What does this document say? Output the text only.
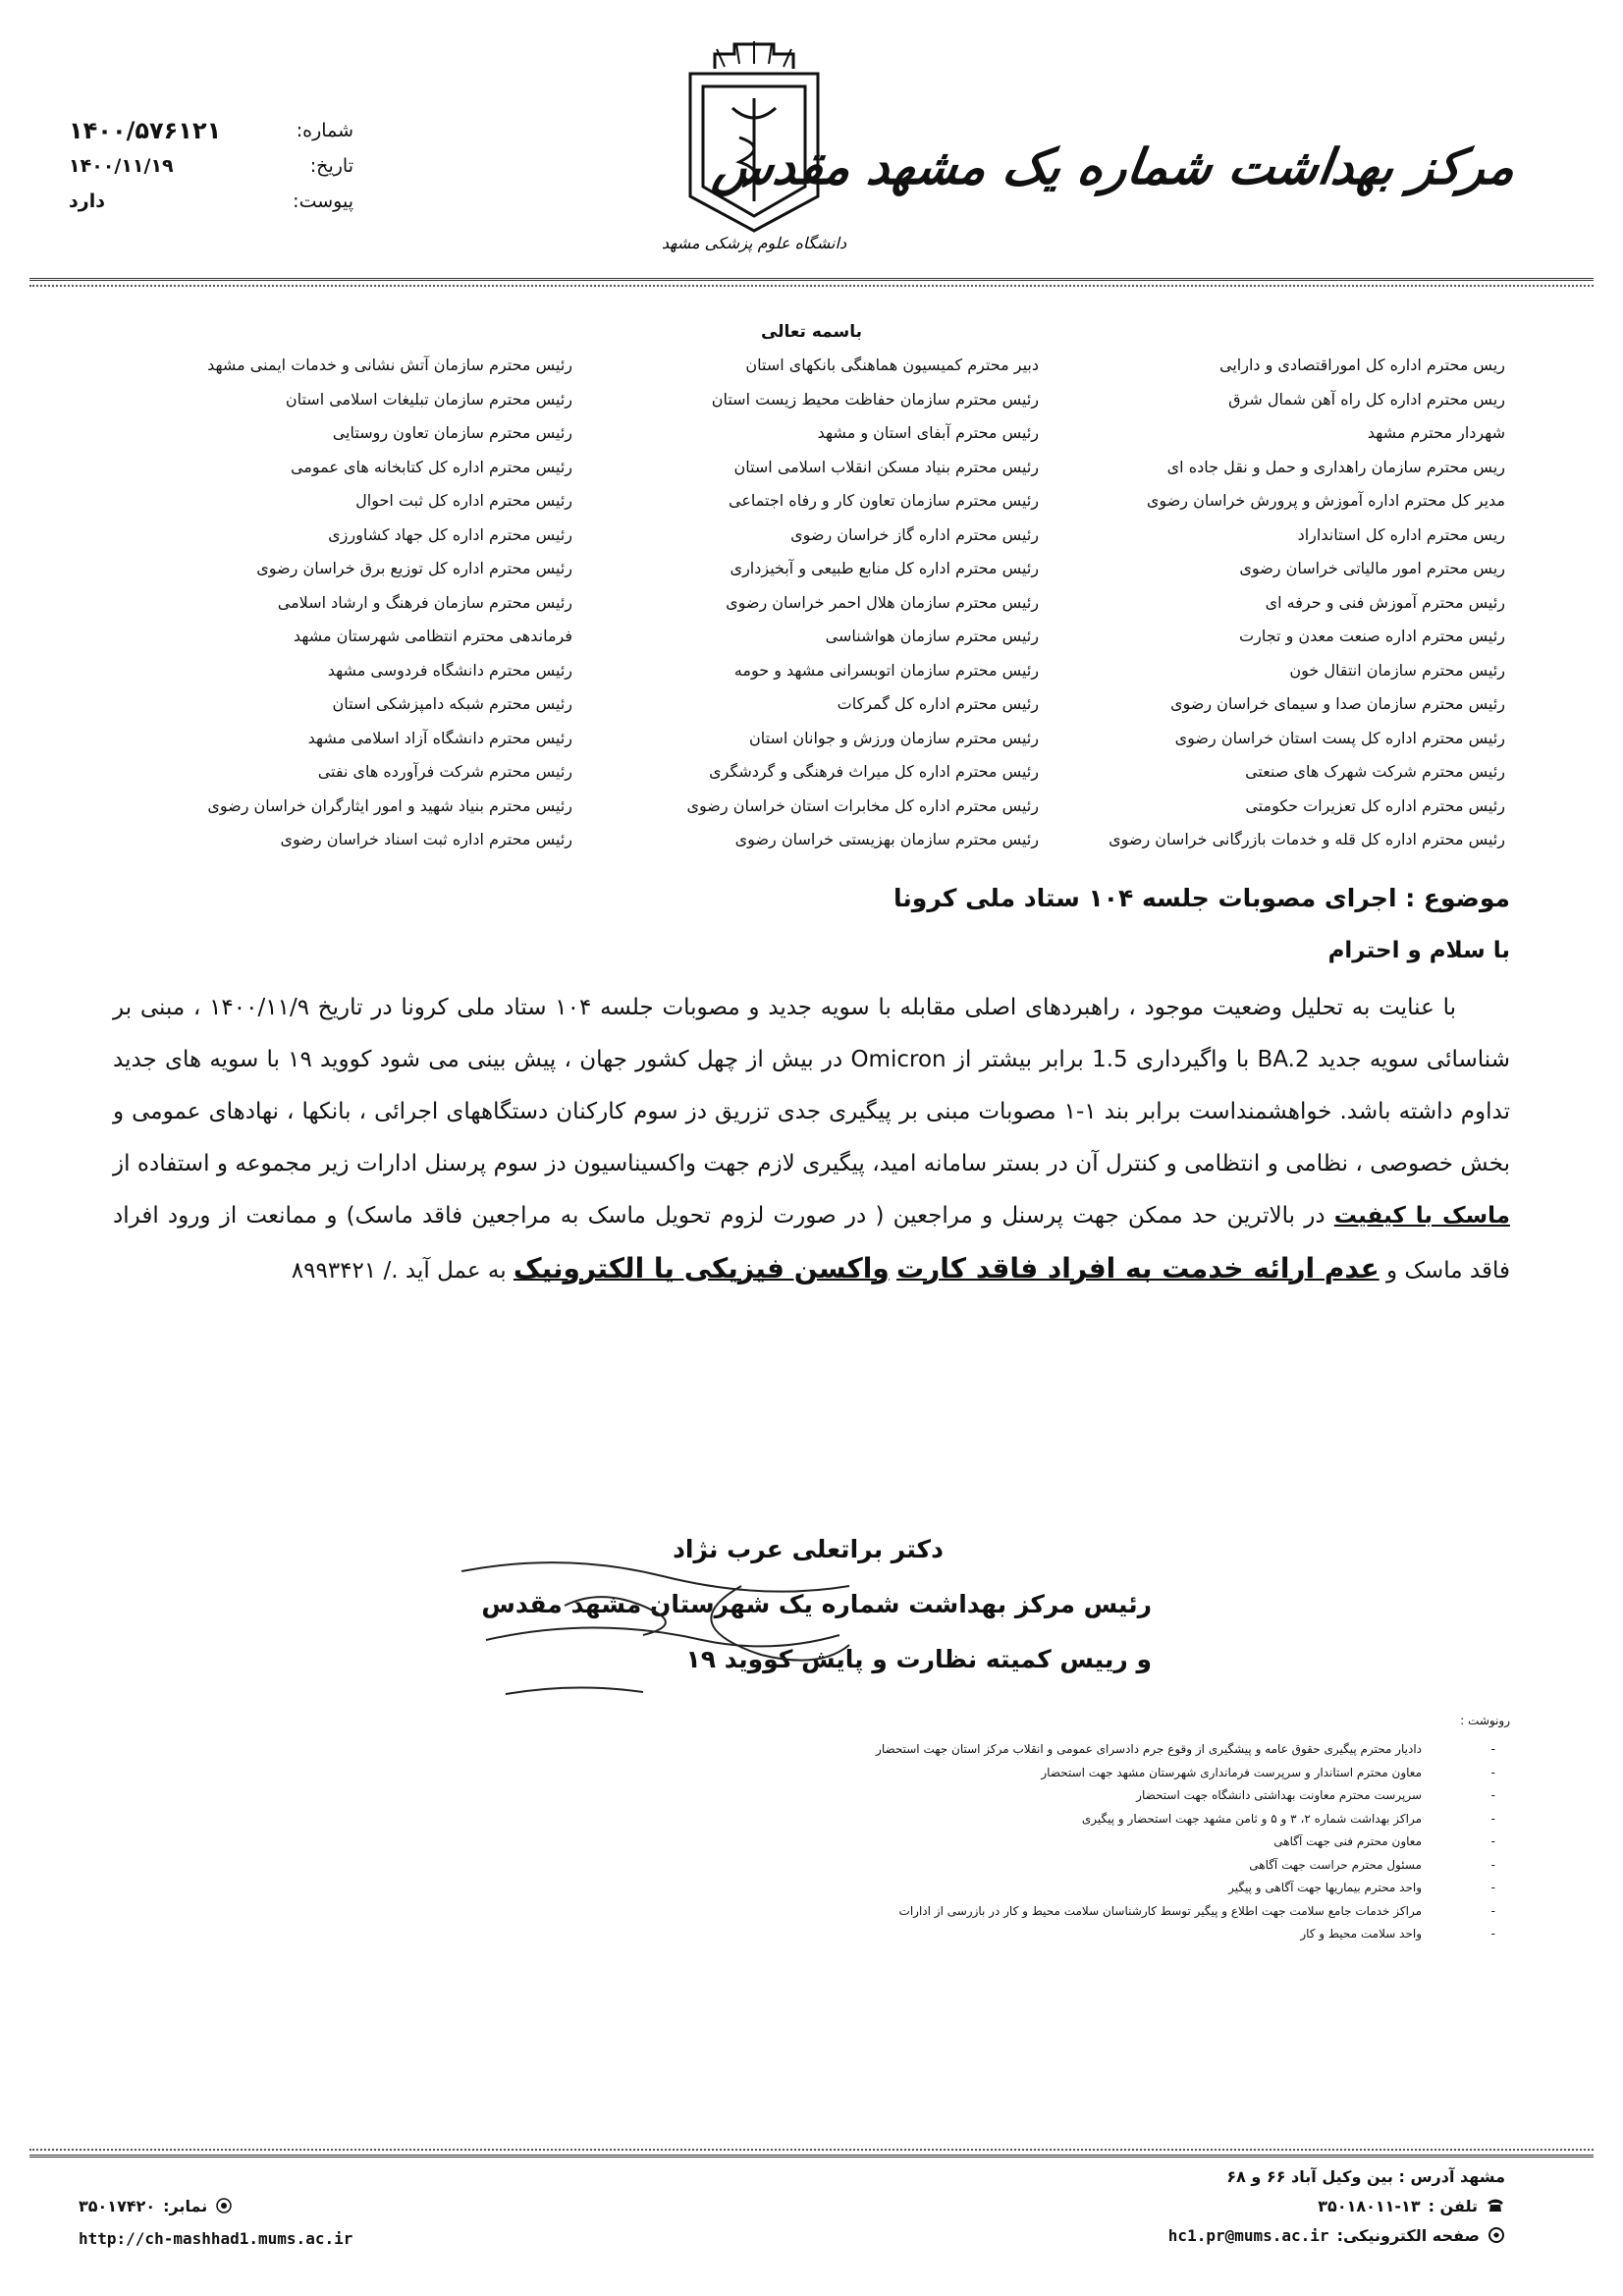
مرکز بهداشت شماره یک مشهد مقدس
دانشگاه علوم پزشکی مشهد
شماره:
۱۴۰۰/۵۷۶۱۲۱
تاریخ:
۱۴۰۰/۱۱/۱۹
پیوست:
دارد
باسمه تعالی
ریس محترم اداره کل اموراقتصادی و دارایی
ریس محترم اداره کل راه آهن شمال شرق
شهردار محترم مشهد
ریس محترم سازمان راهداری و حمل و نقل جاده ای
مدیر کل محترم اداره آموزش و پرورش خراسان رضوی
ریس محترم اداره کل استانداراد
ریس محترم امور مالیاتی خراسان رضوی
رئیس محترم آموزش فنی و حرفه ای
رئیس محترم اداره صنعت معدن و تجارت
رئیس محترم سازمان انتقال خون
رئیس محترم سازمان صدا و سیمای خراسان رضوی
رئیس محترم اداره کل پست استان خراسان رضوی
رئیس محترم شرکت شهرک های صنعتی
رئیس محترم اداره کل تعزیرات حکومتی
رئیس محترم اداره کل قله و خدمات بازرگانی خراسان رضوی
دبیر محترم کمیسیون هماهنگی بانکهای استان
رئیس محترم سازمان حفاظت محیط زیست استان
رئیس محترم آبفای استان و مشهد
رئیس محترم بنیاد مسکن انقلاب اسلامی استان
رئیس محترم سازمان تعاون کار و رفاه اجتماعی
رئیس محترم اداره گاز خراسان رضوی
رئیس محترم اداره کل منابع طبیعی و آبخیزداری
رئیس محترم سازمان هلال احمر خراسان رضوی
رئیس محترم سازمان هواشناسی
رئیس محترم سازمان اتوبسرانی مشهد و حومه
رئیس محترم اداره کل گمرکات
رئیس محترم سازمان ورزش و جوانان استان
رئیس محترم اداره کل میراث فرهنگی و گردشگری
رئیس محترم اداره کل مخابرات استان خراسان رضوی
رئیس محترم سازمان بهزیستی خراسان رضوی
رئیس محترم سازمان آتش نشانی و خدمات ایمنی مشهد
رئیس محترم سازمان تبلیغات اسلامی استان
رئیس محترم سازمان تعاون روستایی
رئیس محترم اداره کل کتابخانه های عمومی
رئیس محترم اداره کل ثبت احوال
رئیس محترم اداره کل جهاد کشاورزی
رئیس محترم اداره کل توزیع برق خراسان رضوی
رئیس محترم سازمان فرهنگ و ارشاد اسلامی
فرماندهی محترم انتظامی شهرستان مشهد
رئیس محترم دانشگاه فردوسی مشهد
رئیس محترم شبکه دامپزشکی استان
رئیس محترم دانشگاه آزاد اسلامی مشهد
رئیس محترم شرکت فرآورده های نفتی
رئیس محترم بنیاد شهید و امور ایثارگران خراسان رضوی
رئیس محترم اداره ثبت اسناد خراسان رضوی
موضوع : اجرای مصوبات جلسه ۱۰۴ ستاد ملی کرونا
با سلام و احترام

با عنایت به تحلیل وضعیت موجود ، راهبردهای اصلی مقابله با سویه جدید و مصوبات جلسه ۱۰۴ ستاد ملی کرونا در تاریخ ۱۴۰۰/۱۱/۹ ، مبنی بر شناسائی سویه جدید BA.2 با واگیرداری 1.5 برابر بیشتر از Omicron در بیش از چهل کشور جهان ، پیش بینی می شود کووید ۱۹ با سویه های جدید تداوم داشته باشد. خواهشمنداست برابر بند ۱-۱ مصوبات مبنی بر پیگیری جدی تزریق دز سوم کارکنان دستگاههای اجرائی ، بانکها ، نهادهای عمومی و بخش خصوصی ، نظامی و انتظامی و کنترل آن در بستر سامانه امید، پیگیری لازم جهت واکسیناسیون دز سوم پرسنل ادارات زیر مجموعه و استفاده از ماسک با کیفیت در بالاترین حد ممکن جهت پرسنل و مراجعین ( در صورت لزوم تحویل ماسک به مراجعین فاقد ماسک) و ممانعت از ورود افراد فاقد ماسک و عدم ارائه خدمت به افراد فاقد کارت واکسن فیزیکی یا الکترونیک به عمل آید ./ ۸۹۹۳۴۲۱

دکتر براتعلی عرب نژاد
رئیس مرکز بهداشت شماره یک شهرستان مشهد مقدس
و رییس کمیته نظارت و پایش کووید ۱۹
رونوشت :
دادیار محترم پیگیری حقوق عامه و پیشگیری از وقوع جرم دادسرای عمومی و انقلاب مرکز استان جهت استحضار -
معاون محترم استاندار و سرپرست فرمانداری شهرستان مشهد جهت استحضار -
سرپرست محترم معاونت بهداشتی دانشگاه جهت استحضار -
مراکز بهداشت شماره ۲، ۳ و ۵ و ثامن مشهد جهت استحضار و پیگیری -
معاون محترم فنی جهت آگاهی -
مسئول محترم حراست جهت آگاهی -
واحد محترم بیماریها جهت آگاهی و پیگیر -
مراکز خدمات جامع سلامت جهت اطلاع و پیگیر توسط کارشناسان سلامت محیط و کار در بازرسی از ادارات -
واحد سلامت محیط و کار -
مشهد آدرس : بین وکیل آباد ۶۶ و ۶۸
تلفن :
۳۵۰۱۸۰۱۱-۱۳
صفحه الکترونیکی:
hc1.pr@mums.ac.ir
نمابر:
۳۵۰۱۷۴۲۰
http://ch-mashhad1.mums.ac.ir
